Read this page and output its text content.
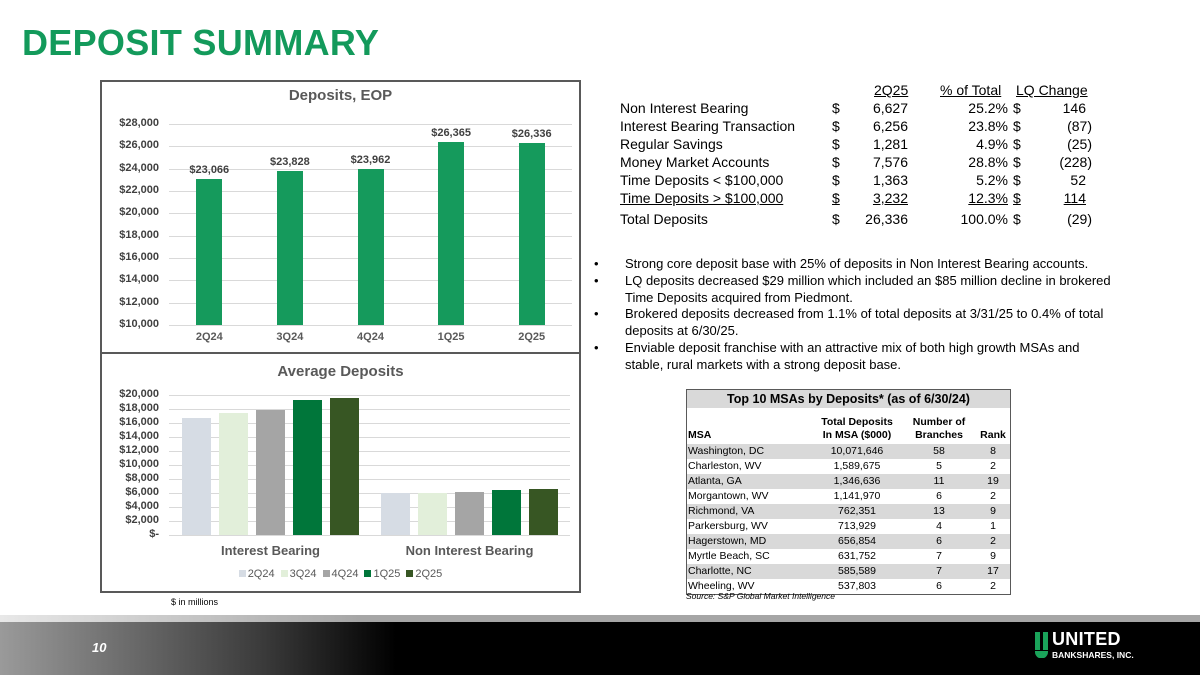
DEPOSIT SUMMARY
Deposits, EOP
$28,000
$26,000
$24,000
$22,000
$20,000
$18,000
$16,000
$14,000
$12,000
$10,000
$23,066
2Q24
$23,828
3Q24
$23,962
4Q24
$26,365
1Q25
$26,336
2Q25
Average Deposits
$20,000
$18,000
$16,000
$14,000
$12,000
$10,000
$8,000
$6,000
$4,000
$2,000
$-
Interest Bearing	Non Interest Bearing
2Q24 3Q24 4Q24 1Q25 2Q25
$ in millions
2Q25 % of Total LQ Change
Non Interest Bearing	$	6,627	25.2% $	146
Interest Bearing Transaction	$	6,256	23.8% $	(87)
Regular Savings	$	1,281	4.9% $	(25)
Money Market Accounts	$	7,576	28.8% $	(228)
Time Deposits < $100,000	$	1,363	5.2% $	52
Time Deposits > $100,000	$	3,232	12.3% $	114
Total Deposits	$	26,336	100.0% $	(29)
• Strong core deposit base with 25% of deposits in Non Interest Bearing accounts.
• LQ deposits decreased $29 million which included an $85 million decline in brokered Time Deposits acquired from Piedmont.
• Brokered deposits decreased from 1.1% of total deposits at 3/31/25 to 0.4% of total deposits at 6/30/25.
• Enviable deposit franchise with an attractive mix of both high growth MSAs and stable, rural markets with a strong deposit base.
Top 10 MSAs by Deposits* (as of 6/30/24)
MSA
Total Deposits
In MSA ($000)
Number of
Branches	Rank
Washington, DC	10,071,646	58	8
Charleston, WV	1,589,675	5	2
Atlanta, GA	1,346,636	11	19
Morgantown, WV	1,141,970	6	2
Richmond, VA	762,351	13	9
Parkersburg, WV	713,929	4	1
Hagerstown, MD	656,854	6	2
Myrtle Beach, SC	631,752	7	9
Charlotte, NC	585,589	7	17
Wheeling, WV	537,803	6	2
Source: S&P Global Market Intelligence
10	UNITED
BANKSHARES, INC.
